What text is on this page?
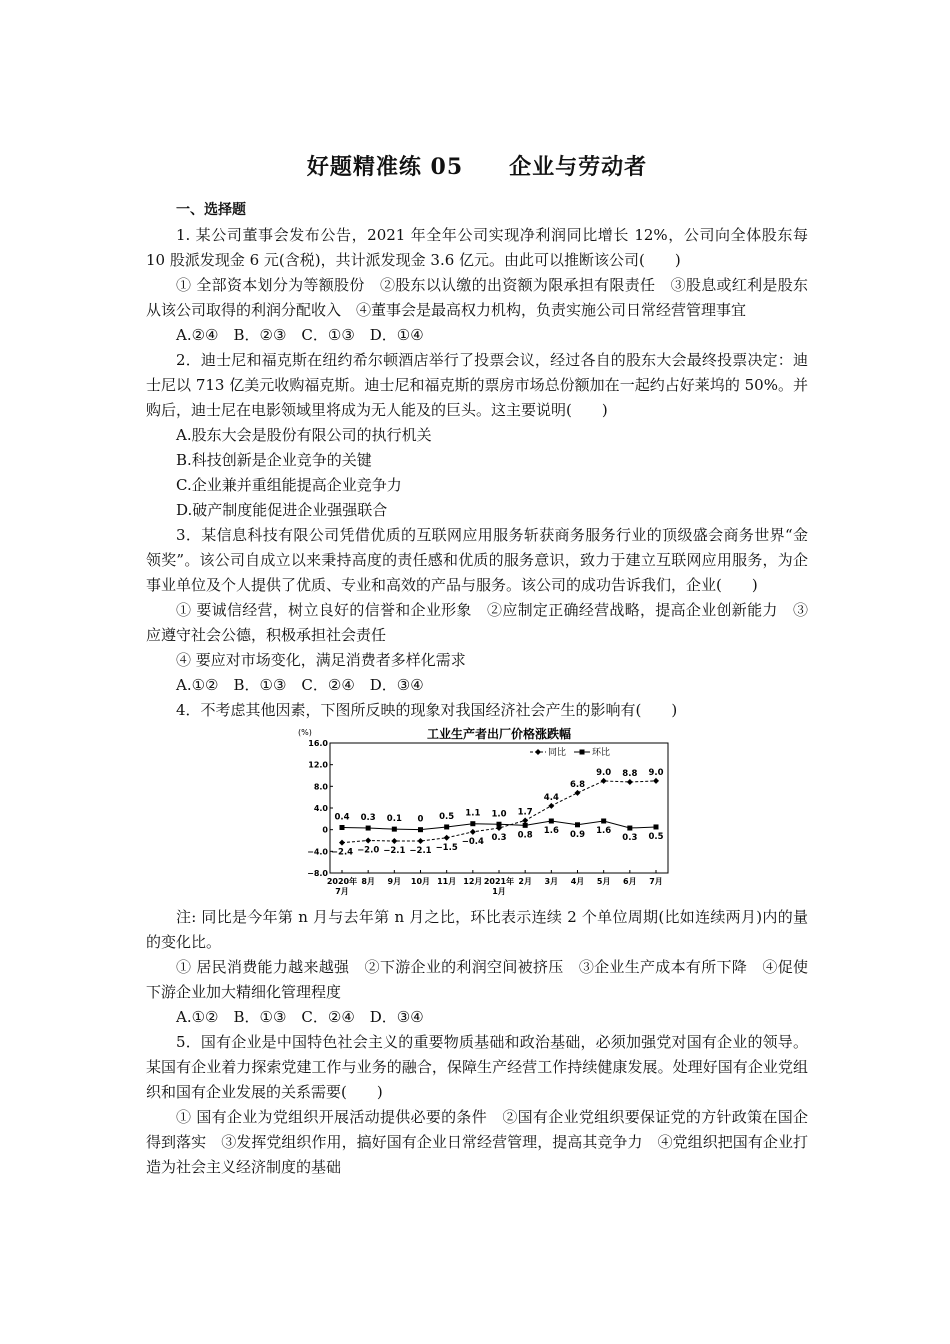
好题精准练 05　　企业与劳动者
一、选择题

1. 某公司董事会发布公告，2021 年全年公司实现净利润同比增长 12%，公司向全体股东每 10 股派发现金 6 元(含税)，共计派发现金 3.6 亿元。由此可以推断该公司(　　)

① 全部资本划分为等额股份　②股东以认缴的出资额为限承担有限责任　③股息或红利是股东从该公司取得的利润分配收入　④董事会是最高权力机构，负责实施公司日常经营管理事宜

A.②④　B．②③　C．①③　D．①④

2．迪士尼和福克斯在纽约希尔顿酒店举行了投票会议，经过各自的股东大会最终投票决定：迪士尼以 713 亿美元收购福克斯。迪士尼和福克斯的票房市场总份额加在一起约占好莱坞的 50%。并购后，迪士尼在电影领域里将成为无人能及的巨头。这主要说明(　　)

A.股东大会是股份有限公司的执行机关

B.科技创新是企业竞争的关键

C.企业兼并重组能提高企业竞争力

D.破产制度能促进企业强强联合

3．某信息科技有限公司凭借优质的互联网应用服务斩获商务服务行业的顶级盛会商务世界“金领奖”。该公司自成立以来秉持高度的责任感和优质的服务意识，致力于建立互联网应用服务，为企事业单位及个人提供了优质、专业和高效的产品与服务。该公司的成功告诉我们，企业(　　)

① 要诚信经营，树立良好的信誉和企业形象　②应制定正确经营战略，提高企业创新能力　③应遵守社会公德，积极承担社会责任

④ 要应对市场变化，满足消费者多样化需求

A.①②　B．①③　C．②④　D．③④

4．不考虑其他因素，下图所反映的现象对我国经济社会产生的影响有(　　)

工业生产者出厂价格涨跌幅
(%)
16.0
12.0
8.0
4.0
0
−4.0
−8.0
2020年
7月
8月 9月 10月 11月 12月 2021年
1月
2月 3月 4月 5月 6月 7月
同比	环比
−2.4 −2.0 −2.1 −2.1 −1.5
−0.4 0.3
1.7
4.4
6.8
9.0 8.8 9.0
0.4 0.3 0.1 0 0.5 1.1 1.0
0.8 1.6 0.9 1.6
0.3 0.5

注: 同比是今年第 n 月与去年第 n 月之比，环比表示连续 2 个单位周期(比如连续两月)内的量的变化比。

① 居民消费能力越来越强　②下游企业的利润空间被挤压　③企业生产成本有所下降　④促使下游企业加大精细化管理程度

A.①②　B．①③　C．②④　D．③④

5．国有企业是中国特色社会主义的重要物质基础和政治基础，必须加强党对国有企业的领导。某国有企业着力探索党建工作与业务的融合，保障生产经营工作持续健康发展。处理好国有企业党组织和国有企业发展的关系需要(　　)

① 国有企业为党组织开展活动提供必要的条件　②国有企业党组织要保证党的方针政策在国企得到落实　③发挥党组织作用，搞好国有企业日常经营管理，提高其竞争力　④党组织把国有企业打造为社会主义经济制度的基础
